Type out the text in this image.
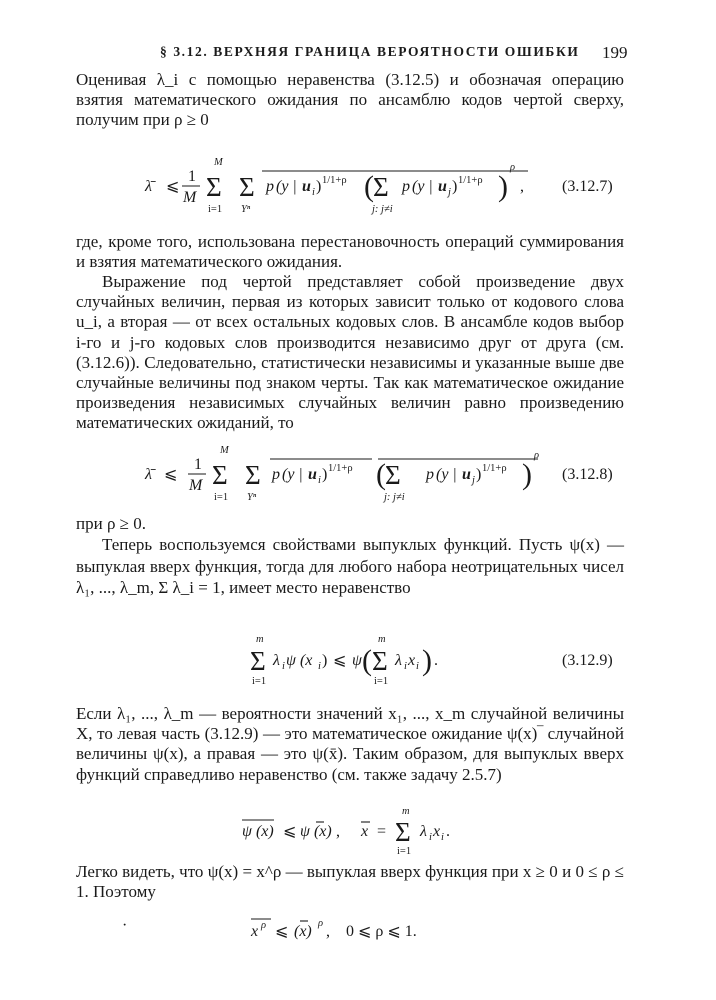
§ 3.12. ВЕРХНЯЯ ГРАНИЦА ВЕРОЯТНОСТИ ОШИБКИ 199

Оценивая λ_i с помощью неравенства (3.12.5) и обозначая операцию взятия математического ожидания по ансамблю кодов чертой сверху, получим при ρ ≥ 0

λ̄ ⩽
1
M
M
Σ
i=1
Σ
Yⁿ
p (y | u i ) 1/1+ρ ( Σ
j: j≠i
p (y | u j ) 1/1+ρ )
ρ
, (3.12.7)

где, кроме того, использована перестановочность операций суммирования и взятия математического ожидания.

Выражение под чертой представляет собой произведение двух случайных величин, первая из которых зависит только от кодового слова u_i, а вторая — от всех остальных кодовых слов. В ансамбле кодов выбор i-го и j-го кодовых слов производится независимо друг от друга (см. (3.12.6)). Следовательно, статистически независимы и указанные выше две случайные величины под знаком черты. Так как математическое ожидание произведения независимых случайных величин равно произведению математических ожиданий, то

λ̄ ⩽
1
M
M
Σ
i=1
Σ
Yⁿ
p (y | u i ) 1/1+ρ ( Σ
j: j≠i
p (y | u j ) 1/1+ρ )
ρ
(3.12.8)

при ρ ≥ 0.

Теперь воспользуемся свойствами выпуклых функций. Пусть ψ(x) — выпуклая вверх функция, тогда для любого набора неотрицательных чисел λ₁, ..., λ_m, Σ λ_i = 1, имеет место неравенство

m
Σ
i=1
λ i ψ (x i ) ⩽ ψ (
m
Σ
i=1
λ i x i ) .	(3.12.9)

Если λ₁, ..., λ_m — вероятности значений x₁, ..., x_m случайной величины X, то левая часть (3.12.9) — это математическое ожидание ψ(x)‾ случайной величины ψ(x), а правая — это ψ(x̄). Таким образом, для выпуклых вверх функций справедливо неравенство (см. также задачу 2.5.7)

ψ (x) ⩽ ψ (x) , x =
m
Σ
i=1
λ i x i .

Легко видеть, что ψ(x) = x^ρ — выпуклая вверх функция при x ≥ 0 и 0 ≤ ρ ≤ 1. Поэтому

·	x ρ ⩽ (x) ρ , 0 ⩽ ρ ⩽ 1.
